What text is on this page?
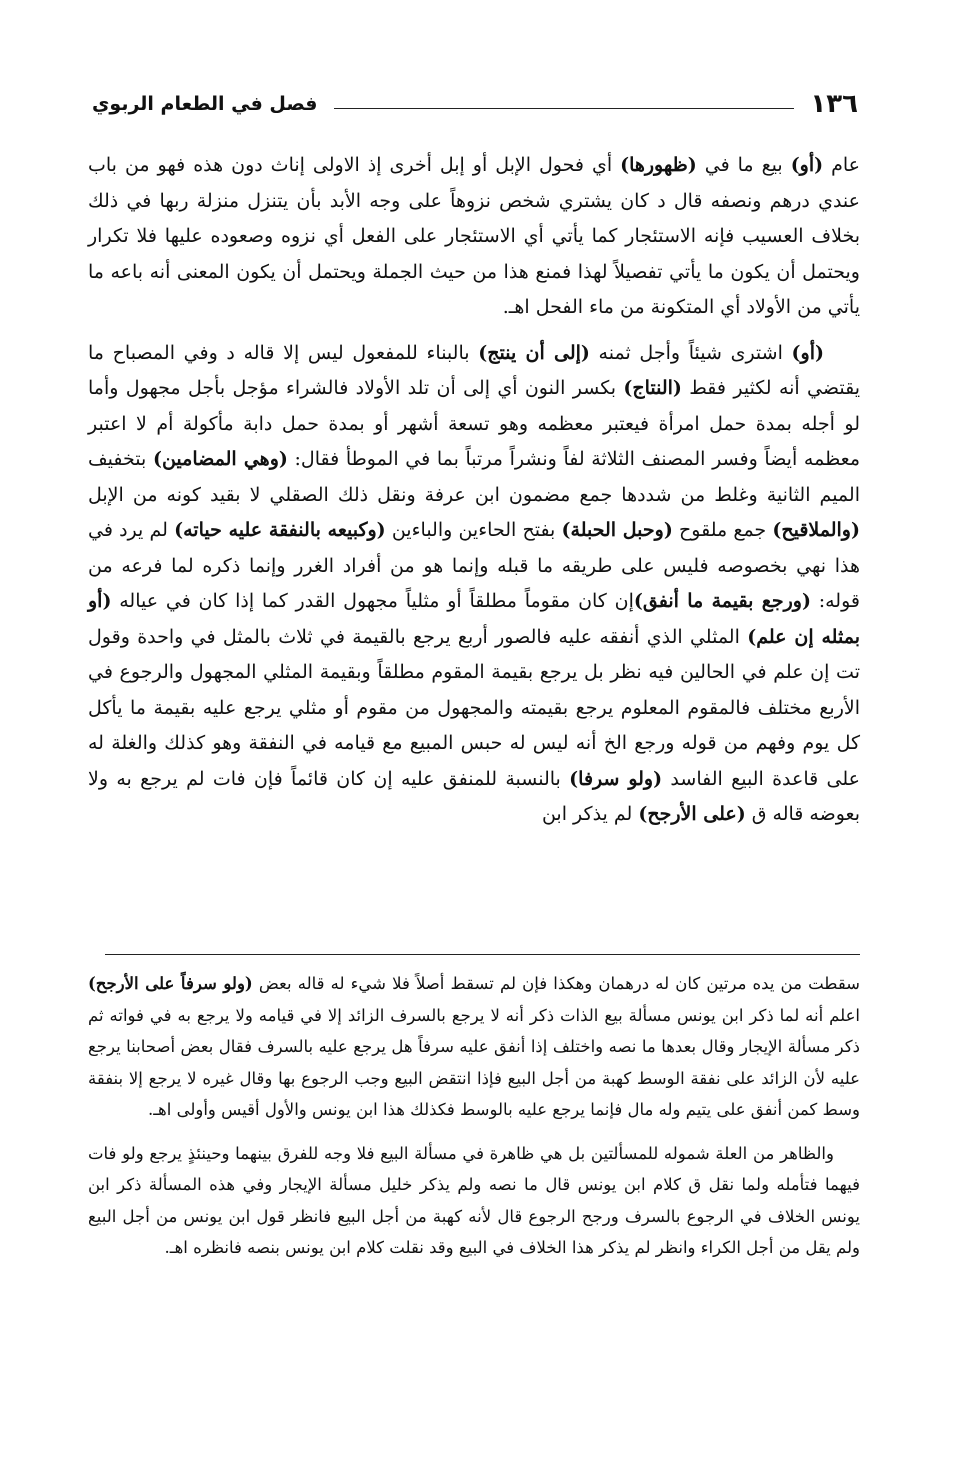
١٣٦
فصل في الطعام الربوي

عام (أو) بيع ما في (ظهورها) أي فحول الإبل أو إبل أخرى إذ الاولى إناث دون هذه فهو من باب عندي درهم ونصفه قال د كان يشتري شخص نزوهاً على وجه الأبد بأن يتنزل منزلة ربها في ذلك بخلاف العسيب فإنه الاستئجار كما يأتي أي الاستئجار على الفعل أي نزوه وصعوده عليها فلا تكرار ويحتمل أن يكون ما يأتي تفصيلاً لهذا فمنع هذا من حيث الجملة ويحتمل أن يكون المعنى أنه باعه ما يأتي من الأولاد أي المتكونة من ماء الفحل اهـ.

(أو) اشترى شيئاً وأجل ثمنه (إلى أن ينتج) بالبناء للمفعول ليس إلا قاله د وفي المصباح ما يقتضي أنه لكثير فقط (النتاج) بكسر النون أي إلى أن تلد الأولاد فالشراء مؤجل بأجل مجهول وأما لو أجله بمدة حمل امرأة فيعتبر معظمه وهو تسعة أشهر أو بمدة حمل دابة مأكولة أم لا اعتبر معظمه أيضاً وفسر المصنف الثلاثة لفاً ونشراً مرتباً بما في الموطأ فقال: (وهي المضامين) بتخفيف الميم الثانية وغلط من شددها جمع مضمون ابن عرفة ونقل ذلك الصقلي لا بقيد كونه من الإبل (والملاقيح) جمع ملقوح (وحبل الحبلة) بفتح الحاءين والباءين (وكبيعه بالنفقة عليه حياته) لم يرد في هذا نهي بخصوصه فليس على طريقه ما قبله وإنما هو من أفراد الغرر وإنما ذكره لما فرعه من قوله: (ورجع بقيمة ما أنفق)إن كان مقوماً مطلقاً أو مثلياً مجهول القدر كما إذا كان في عياله (أو بمثله إن علم) المثلي الذي أنفقه عليه فالصور أربع يرجع بالقيمة في ثلاث بالمثل في واحدة وقول تت إن علم في الحالين فيه نظر بل يرجع بقيمة المقوم مطلقاً وبقيمة المثلي المجهول والرجوع في الأربع مختلف فالمقوم المعلوم يرجع بقيمته والمجهول من مقوم أو مثلي يرجع عليه بقيمة ما يأكل كل يوم وفهم من قوله ورجع الخ أنه ليس له حبس المبيع مع قيامه في النفقة وهو كذلك والغلة له على قاعدة البيع الفاسد (ولو سرفا) بالنسبة للمنفق عليه إن كان قائماً فإن فات لم يرجع به ولا بعوضه قاله ق (على الأرجح) لم يذكر ابن

سقطت من يده مرتين كان له درهمان وهكذا فإن لم تسقط أصلاً فلا شيء له قاله بعض (ولو سرفاً على الأرجح) اعلم أنه لما ذكر ابن يونس مسألة بيع الذات ذكر أنه لا يرجع بالسرف الزائد إلا في قيامه ولا يرجع به في فواته ثم ذكر مسألة الإيجار وقال بعدها ما نصه واختلف إذا أنفق عليه سرفاً هل يرجع عليه بالسرف فقال بعض أصحابنا يرجع عليه لأن الزائد على نفقة الوسط كهبة من أجل البيع فإذا انتقض البيع وجب الرجوع بها وقال غيره لا يرجع إلا بنفقة وسط كمن أنفق على يتيم وله مال فإنما يرجع عليه بالوسط فكذلك هذا ابن يونس والأول أقيس وأولى اهـ.

والظاهر من العلة شموله للمسألتين بل هي ظاهرة في مسألة البيع فلا وجه للفرق بينهما وحينئذٍ يرجع ولو فات فيهما فتأمله ولما نقل ق كلام ابن يونس قال ما نصه ولم يذكر خليل مسألة الإيجار وفي هذه المسألة ذكر ابن يونس الخلاف في الرجوع بالسرف ورجح الرجوع قال لأنه كهبة من أجل البيع فانظر قول ابن يونس من أجل البيع ولم يقل من أجل الكراء وانظر لم يذكر هذا الخلاف في البيع وقد نقلت كلام ابن يونس بنصه فانظره اهـ.
